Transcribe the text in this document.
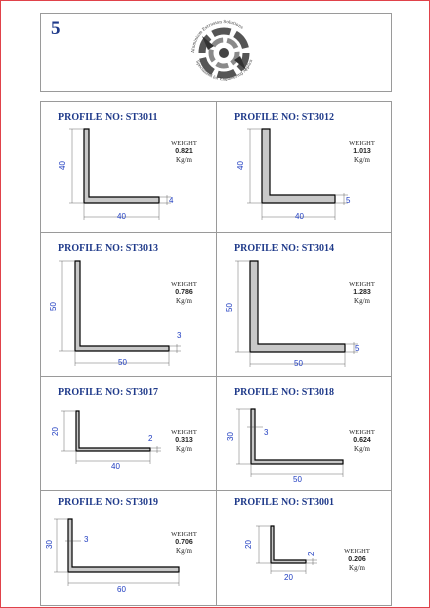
5
Aluminium Extrusion Solutions
Specialized for Engineering Applica
PROFILE NO: ST3011
WEIGHT
0.821
Kg/m
40
40
4
PROFILE NO: ST3012
WEIGHT
1.013
Kg/m
40
40
5
PROFILE NO: ST3013
WEIGHT
0.786
Kg/m
50
50
3
PROFILE NO: ST3014
WEIGHT
1.283
Kg/m
50
50
5
PROFILE NO: ST3017
WEIGHT
0.313
Kg/m
20
40
2
PROFILE NO: ST3018
WEIGHT
0.624
Kg/m
30
50
3
PROFILE NO: ST3019
WEIGHT
0.706
Kg/m
30
60
3
PROFILE NO: ST3001
WEIGHT
0.206
Kg/m
20
20
2
